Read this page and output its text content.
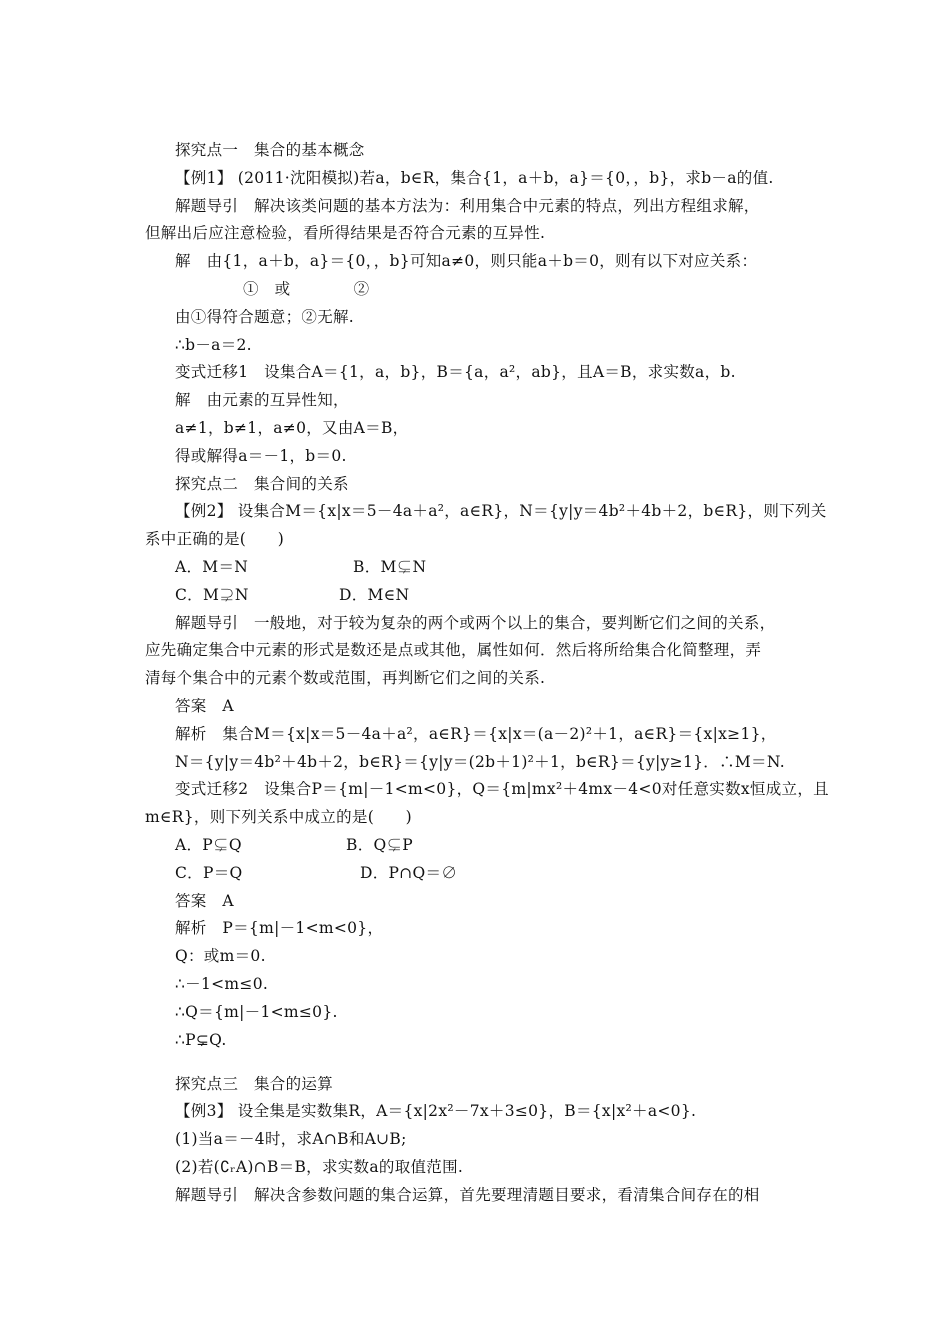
探究点一　集合的基本概念
【例1】 (2011·沈阳模拟)若a，b∈R，集合{1，a＋b，a}＝{0，，b}，求b－a的值.
解题导引　解决该类问题的基本方法为：利用集合中元素的特点，列出方程组求解，
但解出后应注意检验，看所得结果是否符合元素的互异性.
解　由{1，a＋b，a}＝{0，，b}可知a≠0，则只能a＋b＝0，则有以下对应关系：
①　或　　　　②
由①得符合题意；②无解.
∴b－a＝2.
变式迁移1　设集合A＝{1，a，b}，B＝{a，a²，ab}，且A＝B，求实数a，b.
解　由元素的互异性知，
a≠1，b≠1，a≠0，又由A＝B，
得或解得a＝－1，b＝0.
探究点二　集合间的关系
【例2】 设集合M＝{x|x＝5－4a＋a²，a∈R}，N＝{y|y＝4b²＋4b＋2，b∈R}，则下列关
系中正确的是(　　)
A．M＝N	B．M⊊N
C．M⊋N	D．M∈N
解题导引　一般地，对于较为复杂的两个或两个以上的集合，要判断它们之间的关系，
应先确定集合中元素的形式是数还是点或其他，属性如何．然后将所给集合化简整理，弄
清每个集合中的元素个数或范围，再判断它们之间的关系.
答案　A
解析　集合M＝{x|x＝5－4a＋a²，a∈R}＝{x|x＝(a－2)²＋1，a∈R}＝{x|x≥1}，
N＝{y|y＝4b²＋4b＋2，b∈R}＝{y|y＝(2b＋1)²＋1，b∈R}＝{y|y≥1}．∴M＝N.
变式迁移2　设集合P＝{m|－1<m<0}，Q＝{m|mx²＋4mx－4<0对任意实数x恒成立，且
m∈R}，则下列关系中成立的是(　　)
A．P⊊Q	B．Q⊊P
C．P＝Q	D．P∩Q＝∅
答案　A
解析　P＝{m|－1<m<0}，
Q：或m＝0.
∴－1<m≤0.
∴Q＝{m|－1<m≤0}.
∴P⊊Q.
探究点三　集合的运算
【例3】 设全集是实数集R，A＝{x|2x²－7x＋3≤0}，B＝{x|x²＋a<0}.
(1)当a＝－4时，求A∩B和A∪B;
(2)若(∁ᵣA)∩B＝B，求实数a的取值范围.
解题导引　解决含参数问题的集合运算，首先要理清题目要求，看清集合间存在的相
